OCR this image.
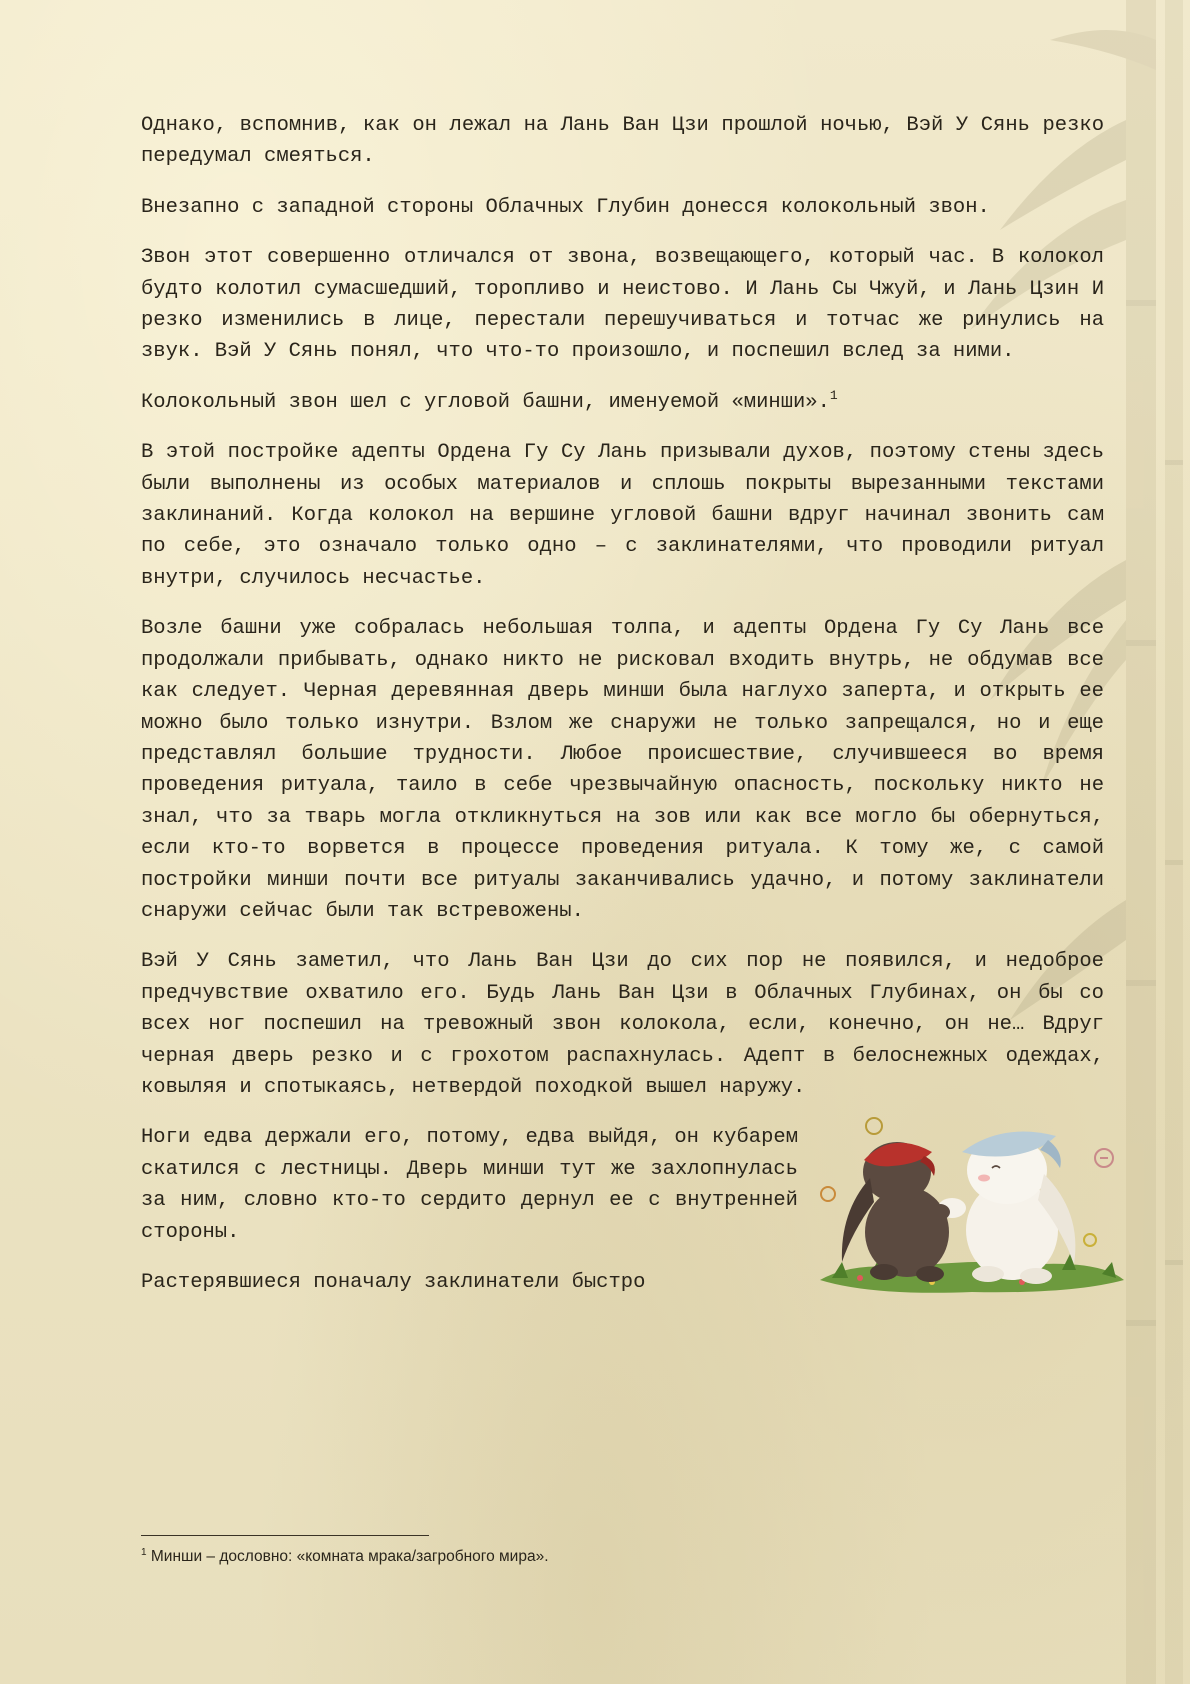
Однако, вспомнив, как он лежал на Лань Ван Цзи прошлой ночью, Вэй У Сянь резко передумал смеяться.

Внезапно с западной стороны Облачных Глубин донесся колокольный звон.

Звон этот совершенно отличался от звона, возвещающего, который час. В колокол будто колотил сумасшедший, торопливо и неистово. И Лань Сы Чжуй, и Лань Цзин И резко изменились в лице, перестали перешучиваться и тотчас же ринулись на звук. Вэй У Сянь понял, что что-то произошло, и поспешил вслед за ними.

Колокольный звон шел с угловой башни, именуемой «минши».$^1$

В этой постройке адепты Ордена Гу Су Лань призывали духов, поэтому стены здесь были выполнены из особых материалов и сплошь покрыты вырезанными текстами заклинаний. Когда колокол на вершине угловой башни вдруг начинал звонить сам по себе, это означало только одно – с заклинателями, что проводили ритуал внутри, случилось несчастье.

Возле башни уже собралась небольшая толпа, и адепты Ордена Гу Су Лань все продолжали прибывать, однако никто не рисковал входить внутрь, не обдумав все как следует. Черная деревянная дверь минши была наглухо заперта, и открыть ее можно было только изнутри. Взлом же снаружи не только запрещался, но и еще представлял большие трудности. Любое происшествие, случившееся во время проведения ритуала, таило в себе чрезвычайную опасность, поскольку никто не знал, что за тварь могла откликнуться на зов или как все могло бы обернуться, если кто-то ворвется в процессе проведения ритуала. К тому же, с самой постройки минши почти все ритуалы заканчивались удачно, и потому заклинатели снаружи сейчас были так встревожены.

Вэй У Сянь заметил, что Лань Ван Цзи до сих пор не появился, и недоброе предчувствие охватило его. Будь Лань Ван Цзи в Облачных Глубинах, он бы со всех ног поспешил на тревожный звон колокола, если, конечно, он не… Вдруг черная дверь резко и с грохотом распахнулась. Адепт в белоснежных одеждах, ковыляя и спотыкаясь, нетвердой походкой вышел наружу.

Ноги едва держали его, потому, едва выйдя, он кубарем скатился с лестницы. Дверь минши тут же захлопнулась за ним, словно кто-то сердито дернул ее с внутренней стороны.

Растерявшиеся поначалу заклинатели быстро

$^1$ Минши – дословно: «комната мрака/загробного мира».
